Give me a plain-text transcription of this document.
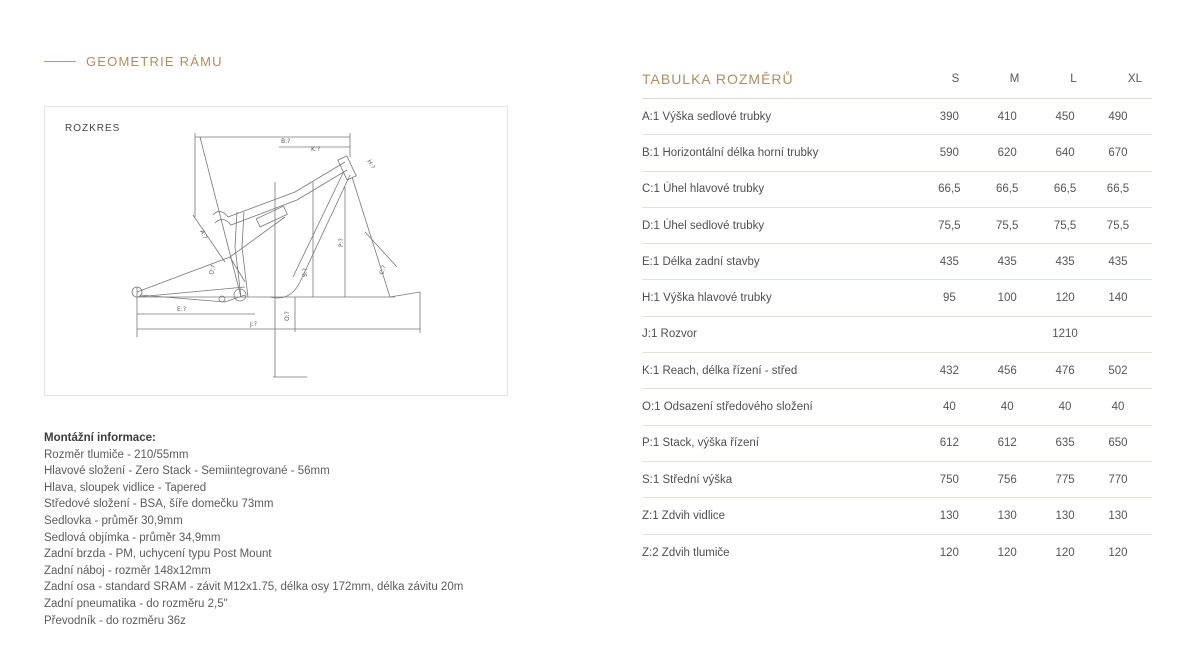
GEOMETRIE RÁMU
ROZKRES
B:?
K:?
H:?
A:?
D:?	S:?
P:?
C:?
E:?
O:?
J:?
Montážní informace:
Rozměr tlumiče - 210/55mm
Hlavové složení - Zero Stack - Semiintegrované - 56mm
Hlava, sloupek vidlice - Tapered
Středové složení - BSA, šíře domečku 73mm
Sedlovka - průměr 30,9mm
Sedlová objímka - průměr 34,9mm
Zadní brzda - PM, uchycení typu Post Mount
Zadní náboj - rozměr 148x12mm
Zadní osa - standard SRAM - závit M12x1.75, délka osy 172mm, délka závitu 20m
Zadní pneumatika - do rozměru 2,5"
Převodník - do rozměru 36z
TABULKA ROZMĚRŮ	S	M	L	XL
A:1 Výška sedlové trubky	390	410	450	490
B:1 Horizontální délka horní trubky	590	620	640	670
C:1 Úhel hlavové trubky	66,5	66,5	66,5	66,5
D:1 Úhel sedlové trubky	75,5	75,5	75,5	75,5
E:1 Délka zadní stavby	435	435	435	435
H:1 Výška hlavové trubky	95	100	120	140
J:1 Rozvor	1210
K:1 Reach, délka řízení - střed	432	456	476	502
O:1 Odsazení středového složení	40	40	40	40
P:1 Stack, výška řízení	612	612	635	650
S:1 Střední výška	750	756	775	770
Z:1 Zdvih vidlice	130	130	130	130
Z:2 Zdvih tlumiče	120	120	120	120
